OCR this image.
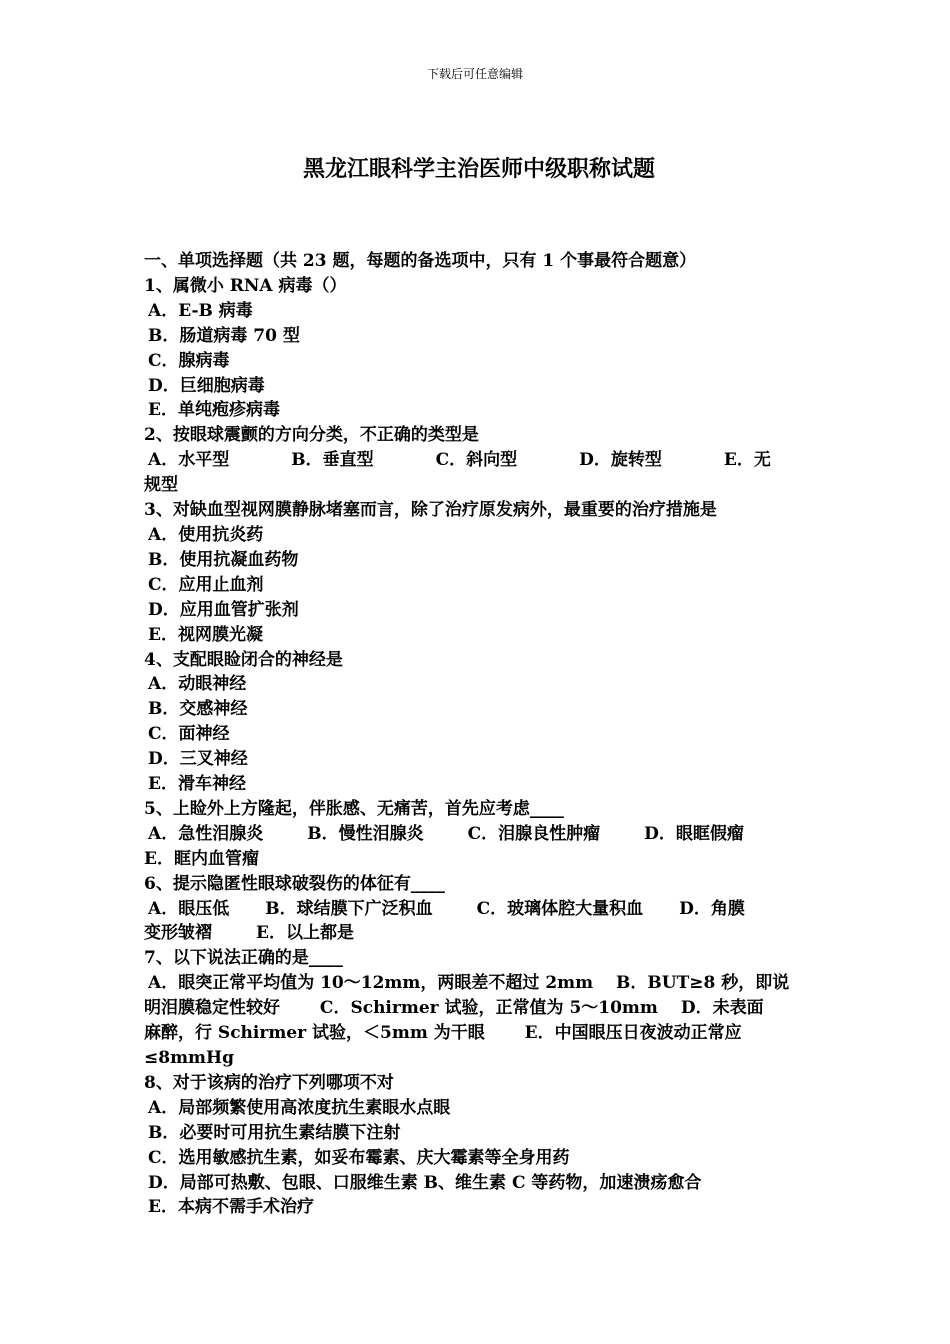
下载后可任意编辑
黑龙江眼科学主治医师中级职称试题
一、单项选择题（共 23 题，每题的备选项中，只有 1 个事最符合题意）
1、属微小 RNA 病毒（）
A．E-B 病毒
B．肠道病毒 70 型
C．腺病毒
D．巨细胞病毒
E．单纯疱疹病毒
2、按眼球震颤的方向分类，不正确的类型是
A．水平型	B．垂直型	C．斜向型	D．旋转型	E．无
规型
3、对缺血型视网膜静脉堵塞而言，除了治疗原发病外，最重要的治疗措施是
A．使用抗炎药
B．使用抗凝血药物
C．应用止血剂
D．应用血管扩张剂
E．视网膜光凝
4、支配眼睑闭合的神经是
A．动眼神经
B．交感神经
C．面神经
D．三叉神经
E．滑车神经
5、上睑外上方隆起，伴胀感、无痛苦，首先应考虑____
A．急性泪腺炎	B．慢性泪腺炎	C．泪腺良性肿瘤	D．眼眶假瘤
E．眶内血管瘤
6、提示隐匿性眼球破裂伤的体征有____
A．眼压低 B．球结膜下广泛积血	C．玻璃体腔大量积血 D．角膜
变形皱褶	E．以上都是
7、以下说法正确的是____
A．眼突正常平均值为 10～12mm，两眼差不超过 2mm　 B．BUT≥8 秒，即说
明泪膜稳定性较好　　 C．Schirmer 试验，正常值为 5～10mm　 D．未表面
麻醉，行 Schirmer 试验，＜5mm 为干眼　　 E．中国眼压日夜波动正常应
≤8mmHg
8、对于该病的治疗下列哪项不对
A．局部频繁使用高浓度抗生素眼水点眼
B．必要时可用抗生素结膜下注射
C．选用敏感抗生素，如妥布霉素、庆大霉素等全身用药
D．局部可热敷、包眼、口服维生素 B、维生素 C 等药物，加速溃疡愈合
E．本病不需手术治疗
